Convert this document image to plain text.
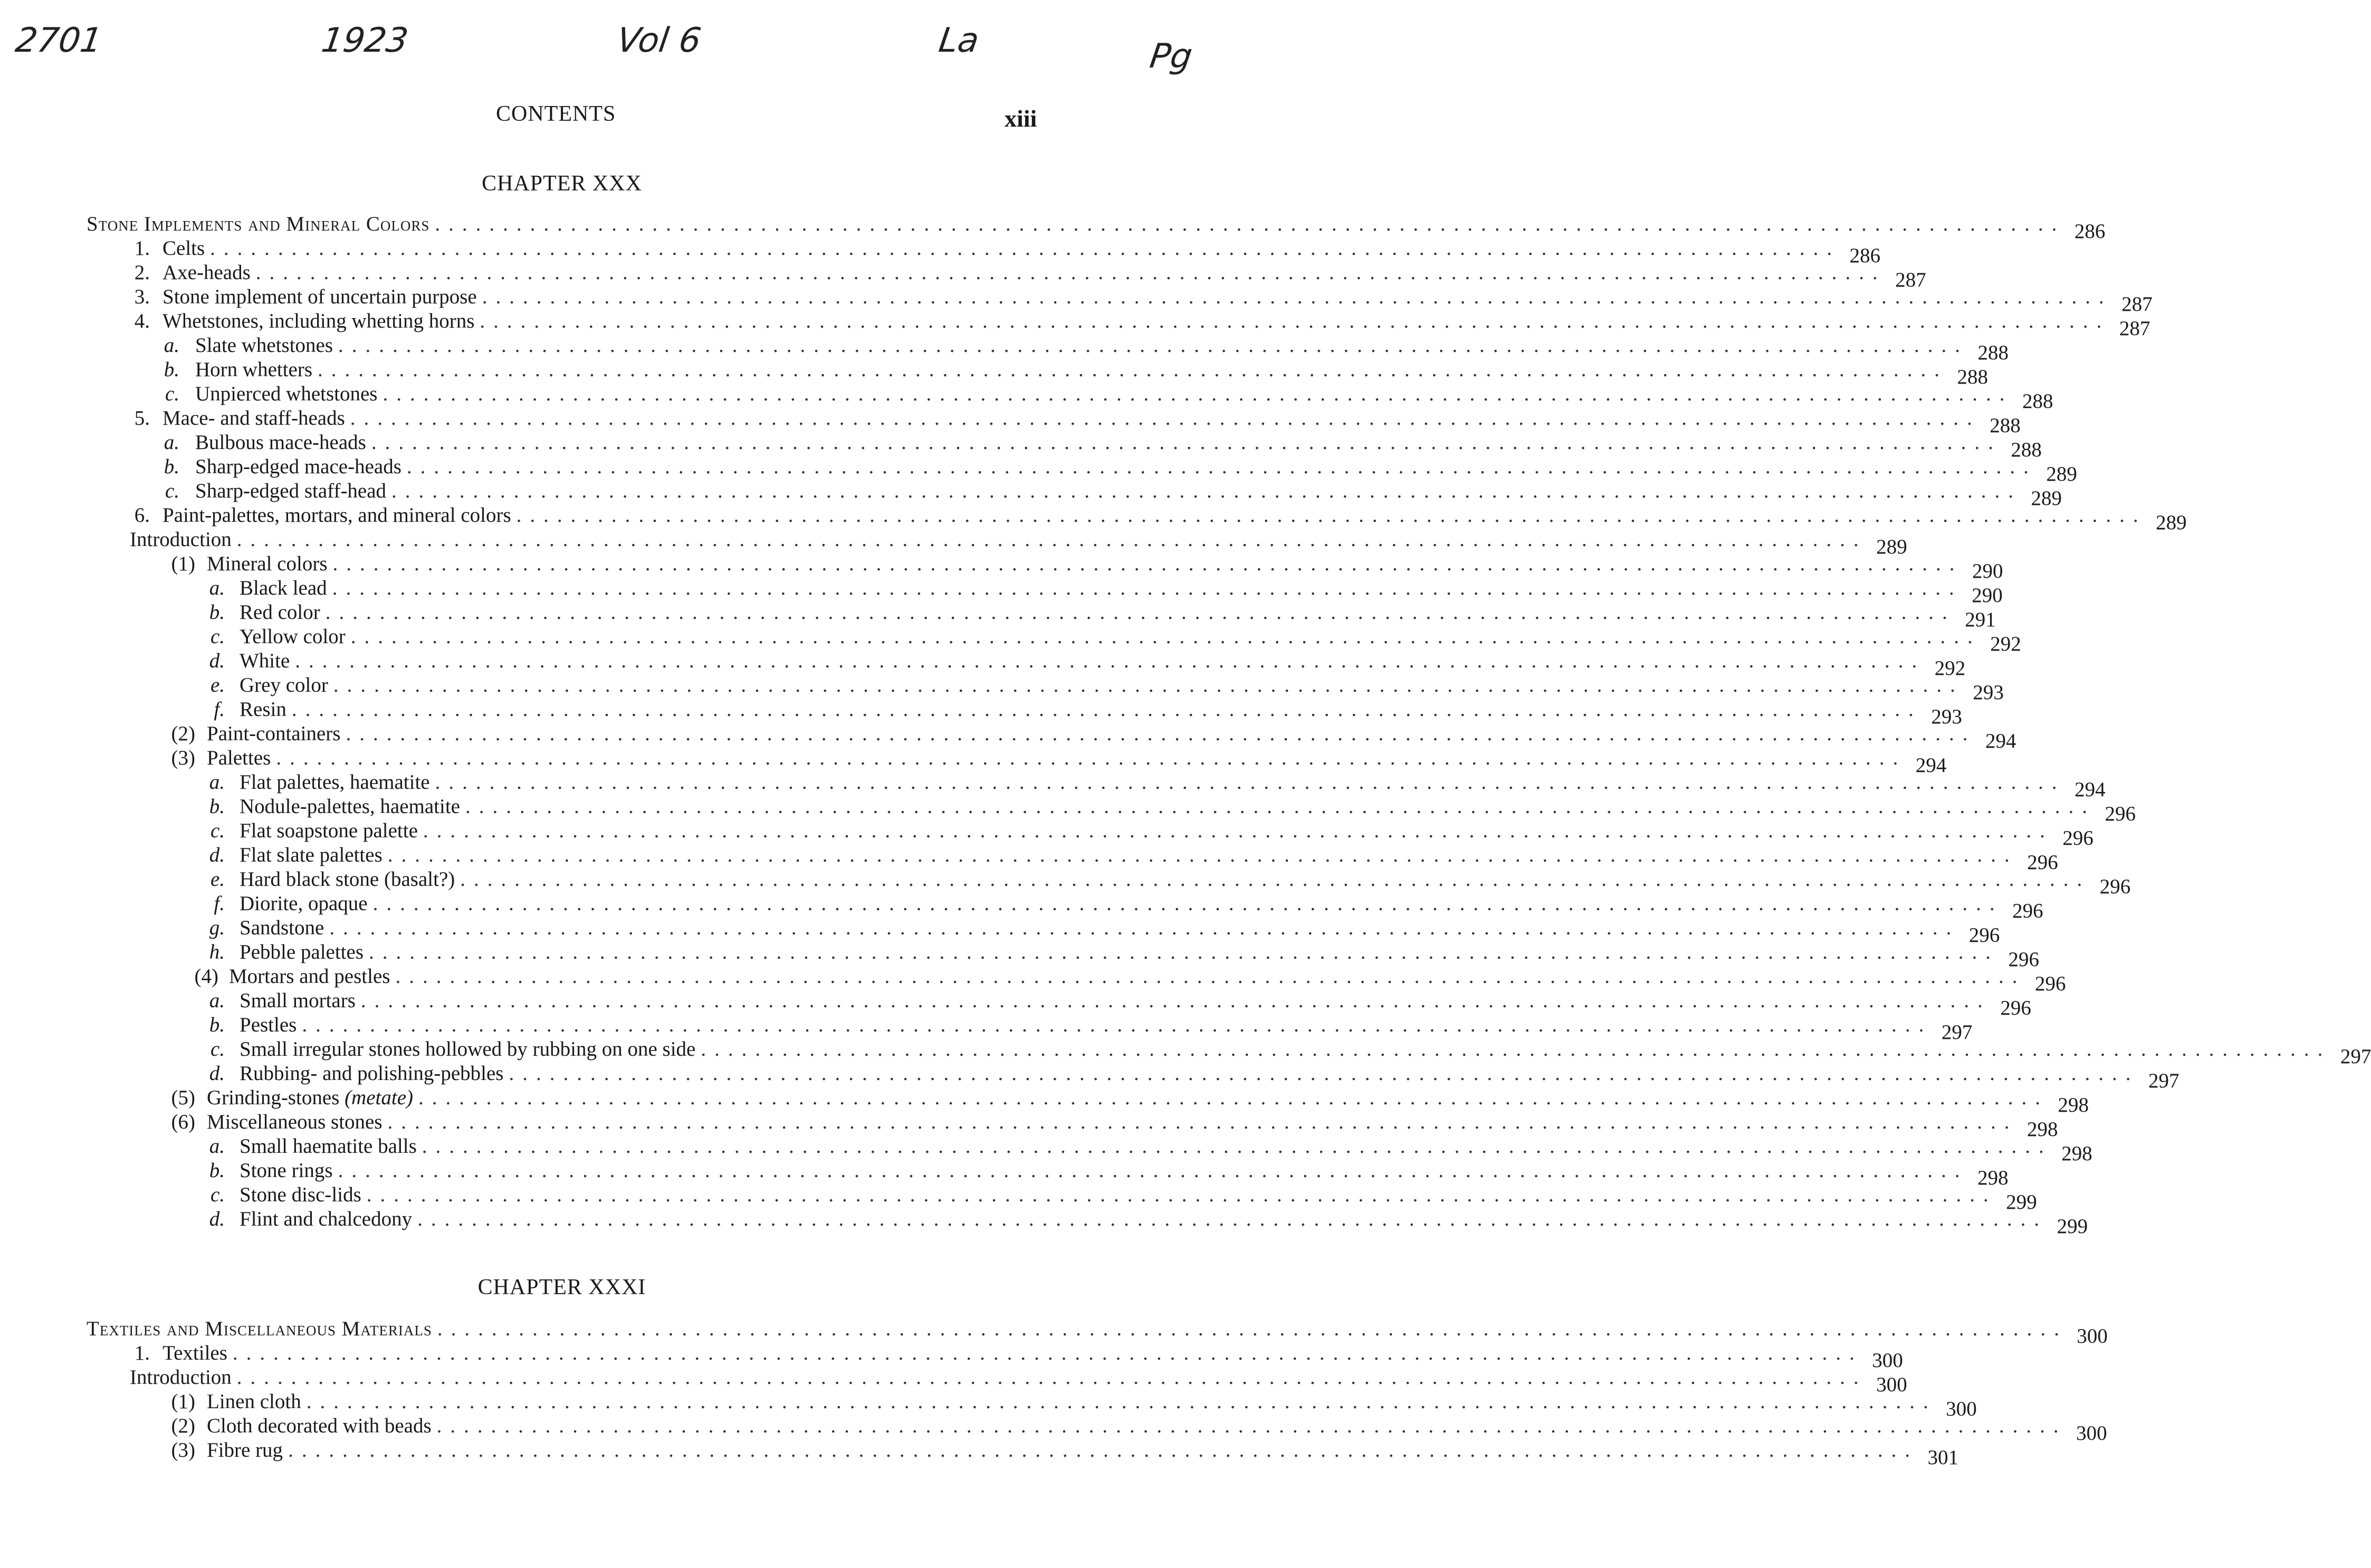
2701	1923	Vol 6	La	Pg
CONTENTS	xiii
CHAPTER XXX
CHAPTER XXXI
Stone Implements and Mineral Colors ........................................................................................................................ 286
1. Celts ........................................................................................................................ 286
2. Axe-heads ........................................................................................................................ 287
3. Stone implement of uncertain purpose ........................................................................................................................ 287
4. Whetstones, including whetting horns ........................................................................................................................ 287
a. Slate whetstones ........................................................................................................................ 288
b. Horn whetters ........................................................................................................................ 288
c. Unpierced whetstones ........................................................................................................................ 288
5. Mace- and staff-heads ........................................................................................................................ 288
a. Bulbous mace-heads ........................................................................................................................ 288
b. Sharp-edged mace-heads ........................................................................................................................ 289
c. Sharp-edged staff-head ........................................................................................................................ 289
6. Paint-palettes, mortars, and mineral colors ........................................................................................................................ 289
Introduction ........................................................................................................................ 289
(1) Mineral colors ........................................................................................................................ 290
a. Black lead ........................................................................................................................ 290
b. Red color ........................................................................................................................ 291
c. Yellow color ........................................................................................................................ 292
d. White ........................................................................................................................ 292
e. Grey color ........................................................................................................................ 293
f. Resin ........................................................................................................................ 293
(2) Paint-containers ........................................................................................................................ 294
(3) Palettes ........................................................................................................................ 294
a. Flat palettes, haematite ........................................................................................................................ 294
b. Nodule-palettes, haematite ........................................................................................................................ 296
c. Flat soapstone palette ........................................................................................................................ 296
d. Flat slate palettes ........................................................................................................................ 296
e. Hard black stone (basalt?) ........................................................................................................................ 296
f. Diorite, opaque ........................................................................................................................ 296
g. Sandstone ........................................................................................................................ 296
h. Pebble palettes ........................................................................................................................ 296
(4) Mortars and pestles ........................................................................................................................ 296
a. Small mortars ........................................................................................................................ 296
b. Pestles ........................................................................................................................ 297
c. Small irregular stones hollowed by rubbing on one side ........................................................................................................................ 297
d. Rubbing- and polishing-pebbles ........................................................................................................................ 297
(5) Grinding-stones (metate) ........................................................................................................................ 298
(6) Miscellaneous stones ........................................................................................................................ 298
a. Small haematite balls ........................................................................................................................ 298
b. Stone rings ........................................................................................................................ 298
c. Stone disc-lids ........................................................................................................................ 299
d. Flint and chalcedony ........................................................................................................................ 299
Textiles and Miscellaneous Materials ........................................................................................................................ 300
1. Textiles ........................................................................................................................ 300
Introduction ........................................................................................................................ 300
(1) Linen cloth ........................................................................................................................ 300
(2) Cloth decorated with beads ........................................................................................................................ 300
(3) Fibre rug ........................................................................................................................ 301
